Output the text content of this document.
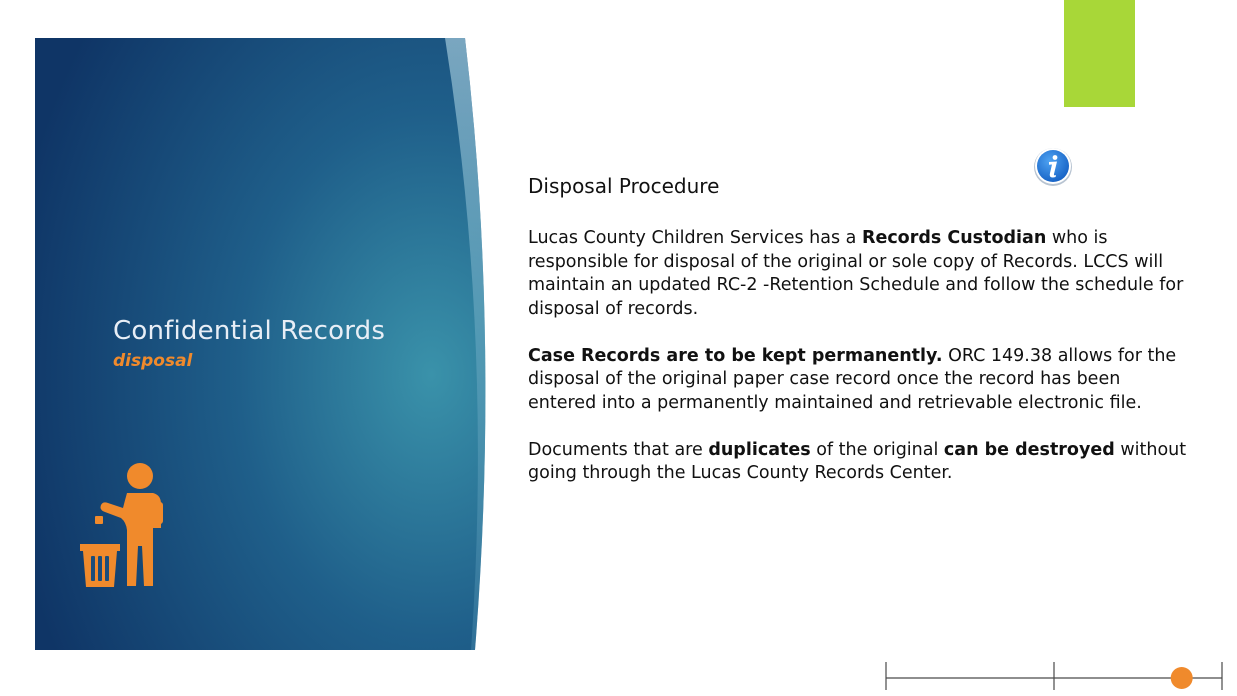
Confidential Records
disposal
Disposal Procedure

Lucas County Children Services has a Records Custodian who is responsible for disposal of the original or sole copy of Records. LCCS will maintain an updated RC-2 -Retention Schedule and follow the schedule for disposal of records.

Case Records are to be kept permanently. ORC 149.38 allows for the disposal of the original paper case record once the record has been entered into a permanently maintained and retrievable electronic file.

Documents that are duplicates of the original can be destroyed without going through the Lucas County Records Center.
